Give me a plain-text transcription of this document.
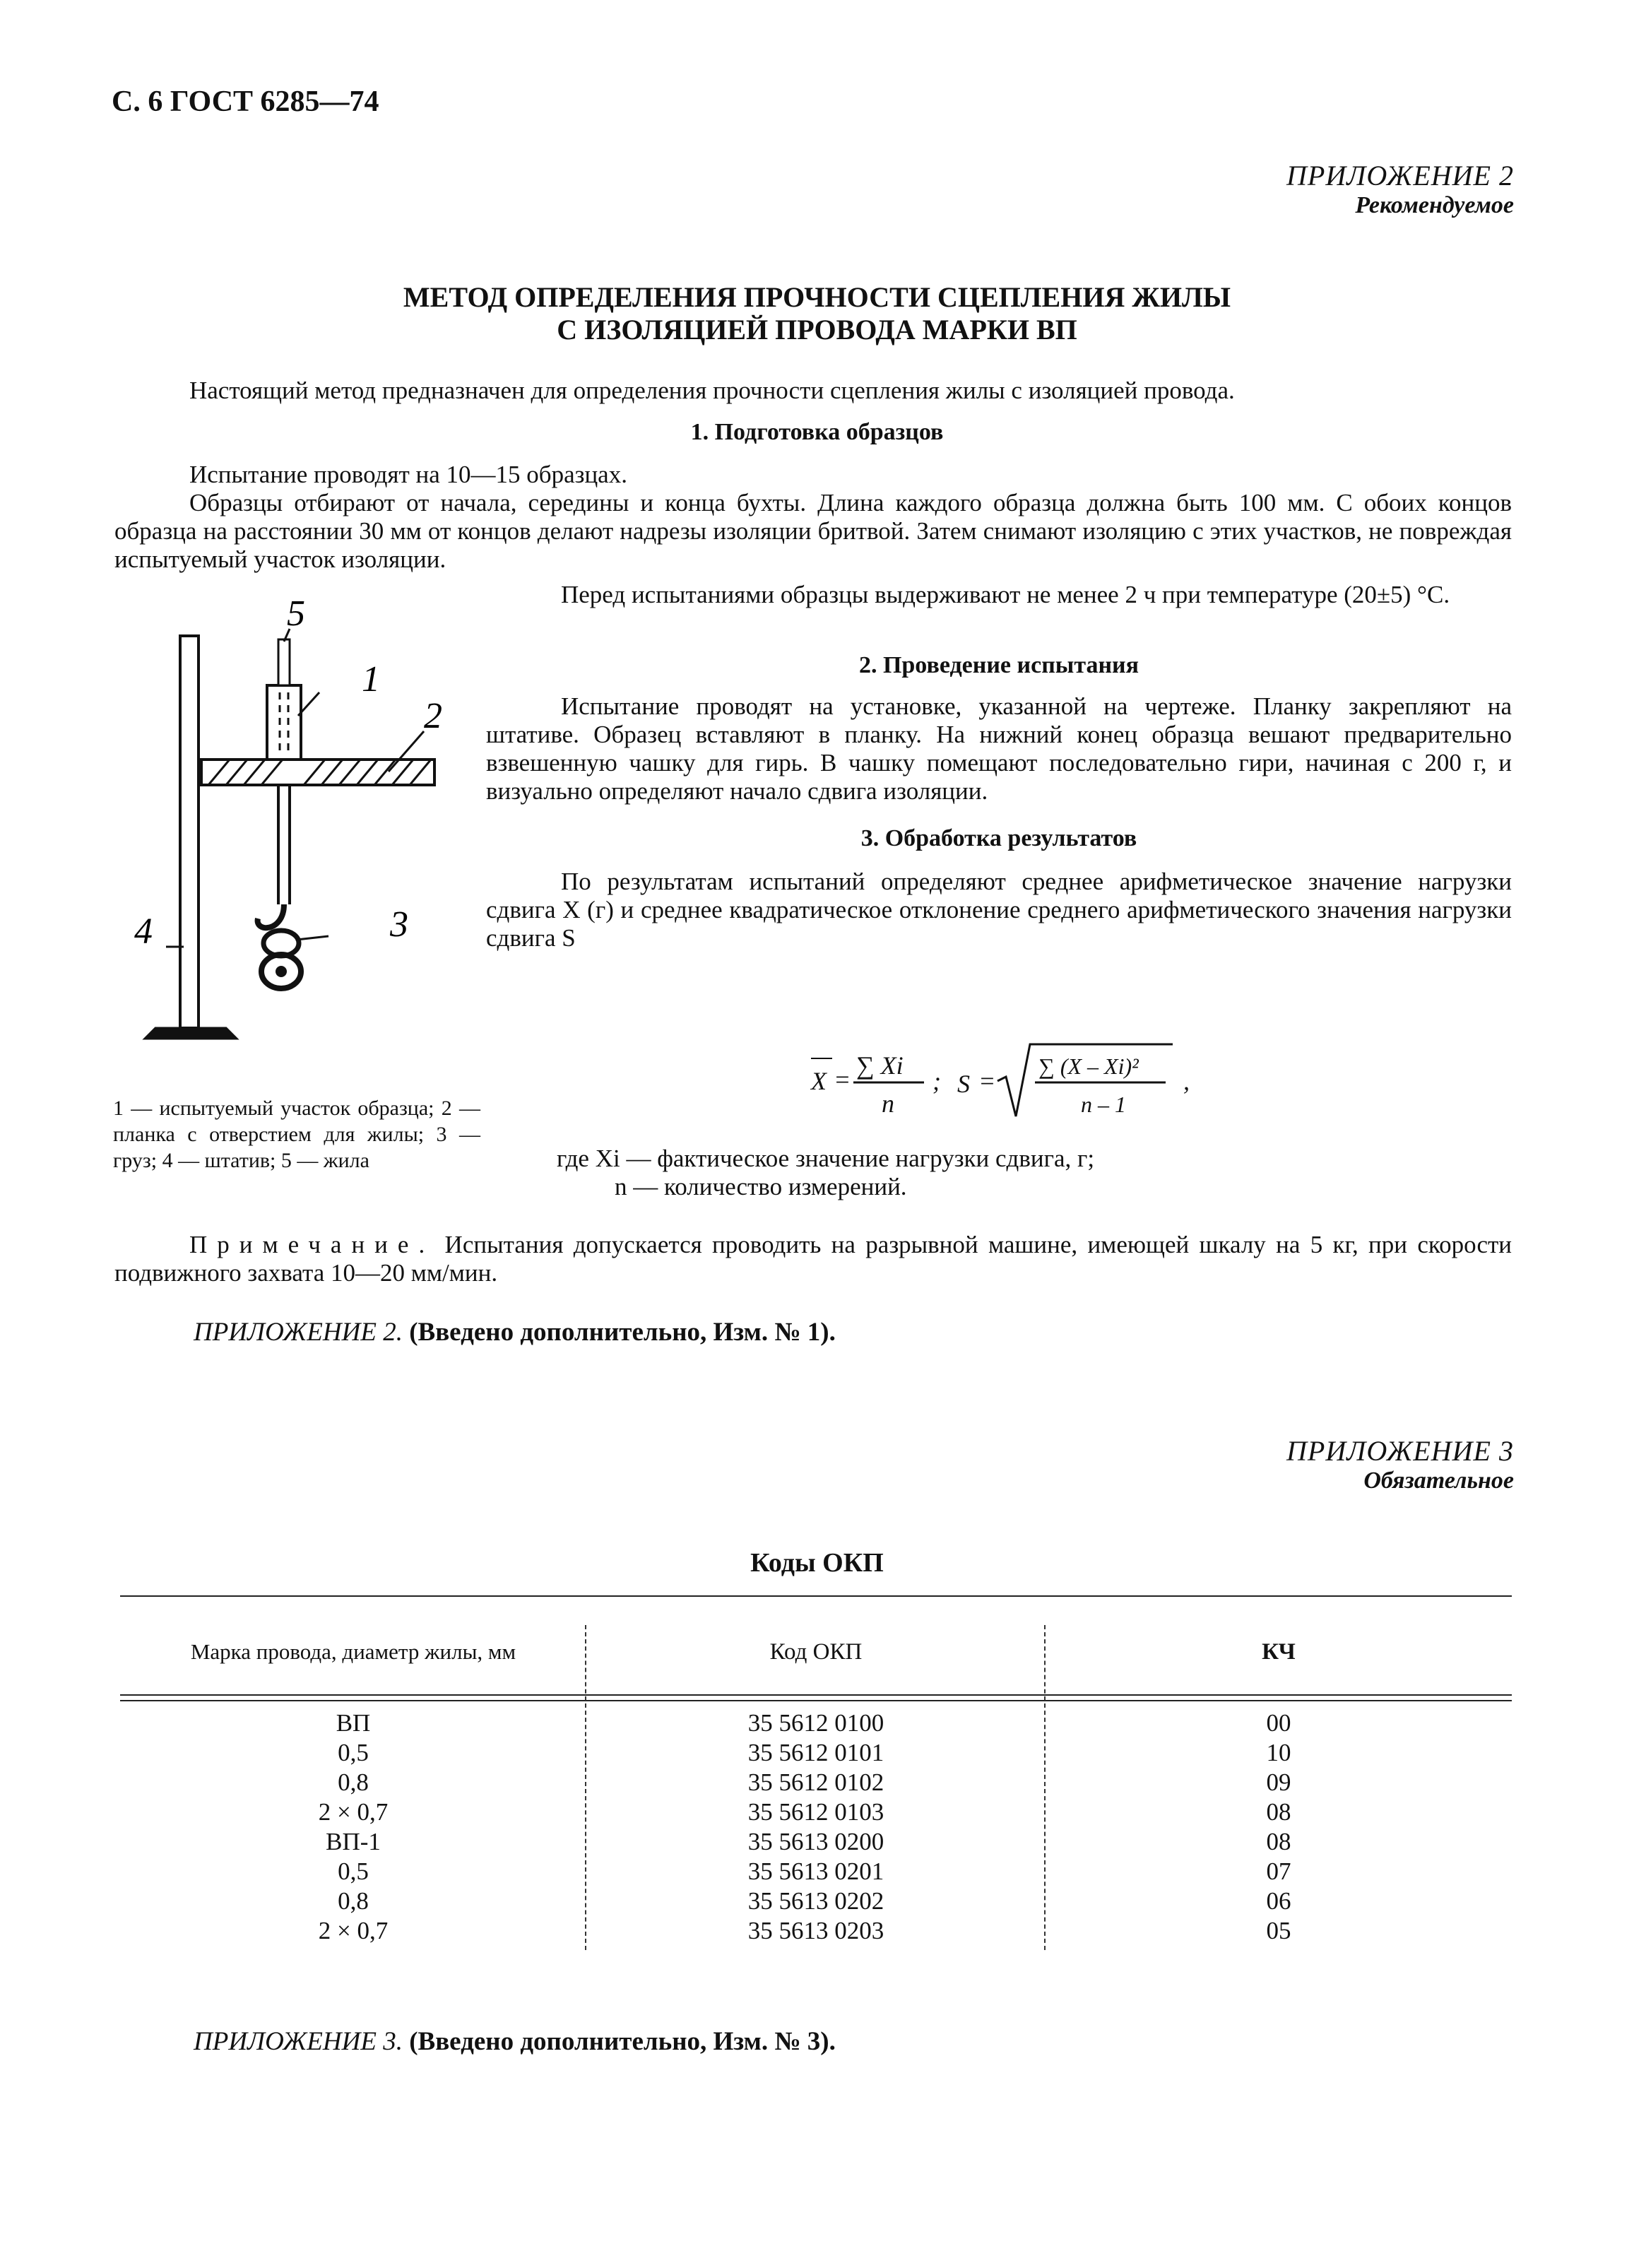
С. 6 ГОСТ 6285—74
ПРИЛОЖЕНИЕ 2
Рекомендуемое
МЕТОД ОПРЕДЕЛЕНИЯ ПРОЧНОСТИ СЦЕПЛЕНИЯ ЖИЛЫ
С ИЗОЛЯЦИЕЙ ПРОВОДА МАРКИ ВП
Настоящий метод предназначен для определения прочности сцепления жилы с изоляцией провода.
1. Подготовка образцов
Испытание проводят на 10—15 образцах.
Образцы отбирают от начала, середины и конца бухты. Длина каждого образца должна быть 100 мм. С обоих концов образца на расстоянии 30 мм от концов делают надрезы изоляции бритвой. Затем снимают изоляцию с этих участков, не повреждая испытуемый участок изоляции.
Перед испытаниями образцы выдерживают не менее 2 ч при температуре (20±5) °С.
2. Проведение испытания
Испытание проводят на установке, указанной на чертеже. Планку закрепляют на штативе. Образец вставляют в планку. На нижний конец образца вешают предварительно взвешенную чашку для гирь. В чашку помещают последовательно гири, начиная с 200 г, и визуально определяют начало сдвига изоляции.
3. Обработка результатов
По результатам испытаний определяют среднее арифметическое значение нагрузки сдвига X (г) и среднее квадратическое отклонение среднего арифметического значения нагрузки сдвига S
5
1
2
3
4
1 — испытуемый участок образца; 2 — планка с отверстием для жилы; 3 — груз; 4 — штатив; 5 — жила
X = ∑ Xi
n
; S =
∑ (X – Xi)²
n – 1
,
где Xi — фактическое значение нагрузки сдвига, г;
n — количество измерений.
Примечание. Испытания допускается проводить на разрывной машине, имеющей шкалу на 5 кг, при скорости подвижного захвата 10—20 мм/мин.
ПРИЛОЖЕНИЕ 2. (Введено дополнительно, Изм. № 1).
ПРИЛОЖЕНИЕ 3
Обязательное
Коды ОКП
Марка провода, диаметр жилы, мм	Код ОКП	КЧ
ВП	35 5612 0100	00
0,5	35 5612 0101	10
0,8	35 5612 0102	09
2 × 0,7	35 5612 0103	08
ВП-1	35 5613 0200	08
0,5	35 5613 0201	07
0,8	35 5613 0202	06
2 × 0,7	35 5613 0203	05
ПРИЛОЖЕНИЕ 3. (Введено дополнительно, Изм. № 3).
